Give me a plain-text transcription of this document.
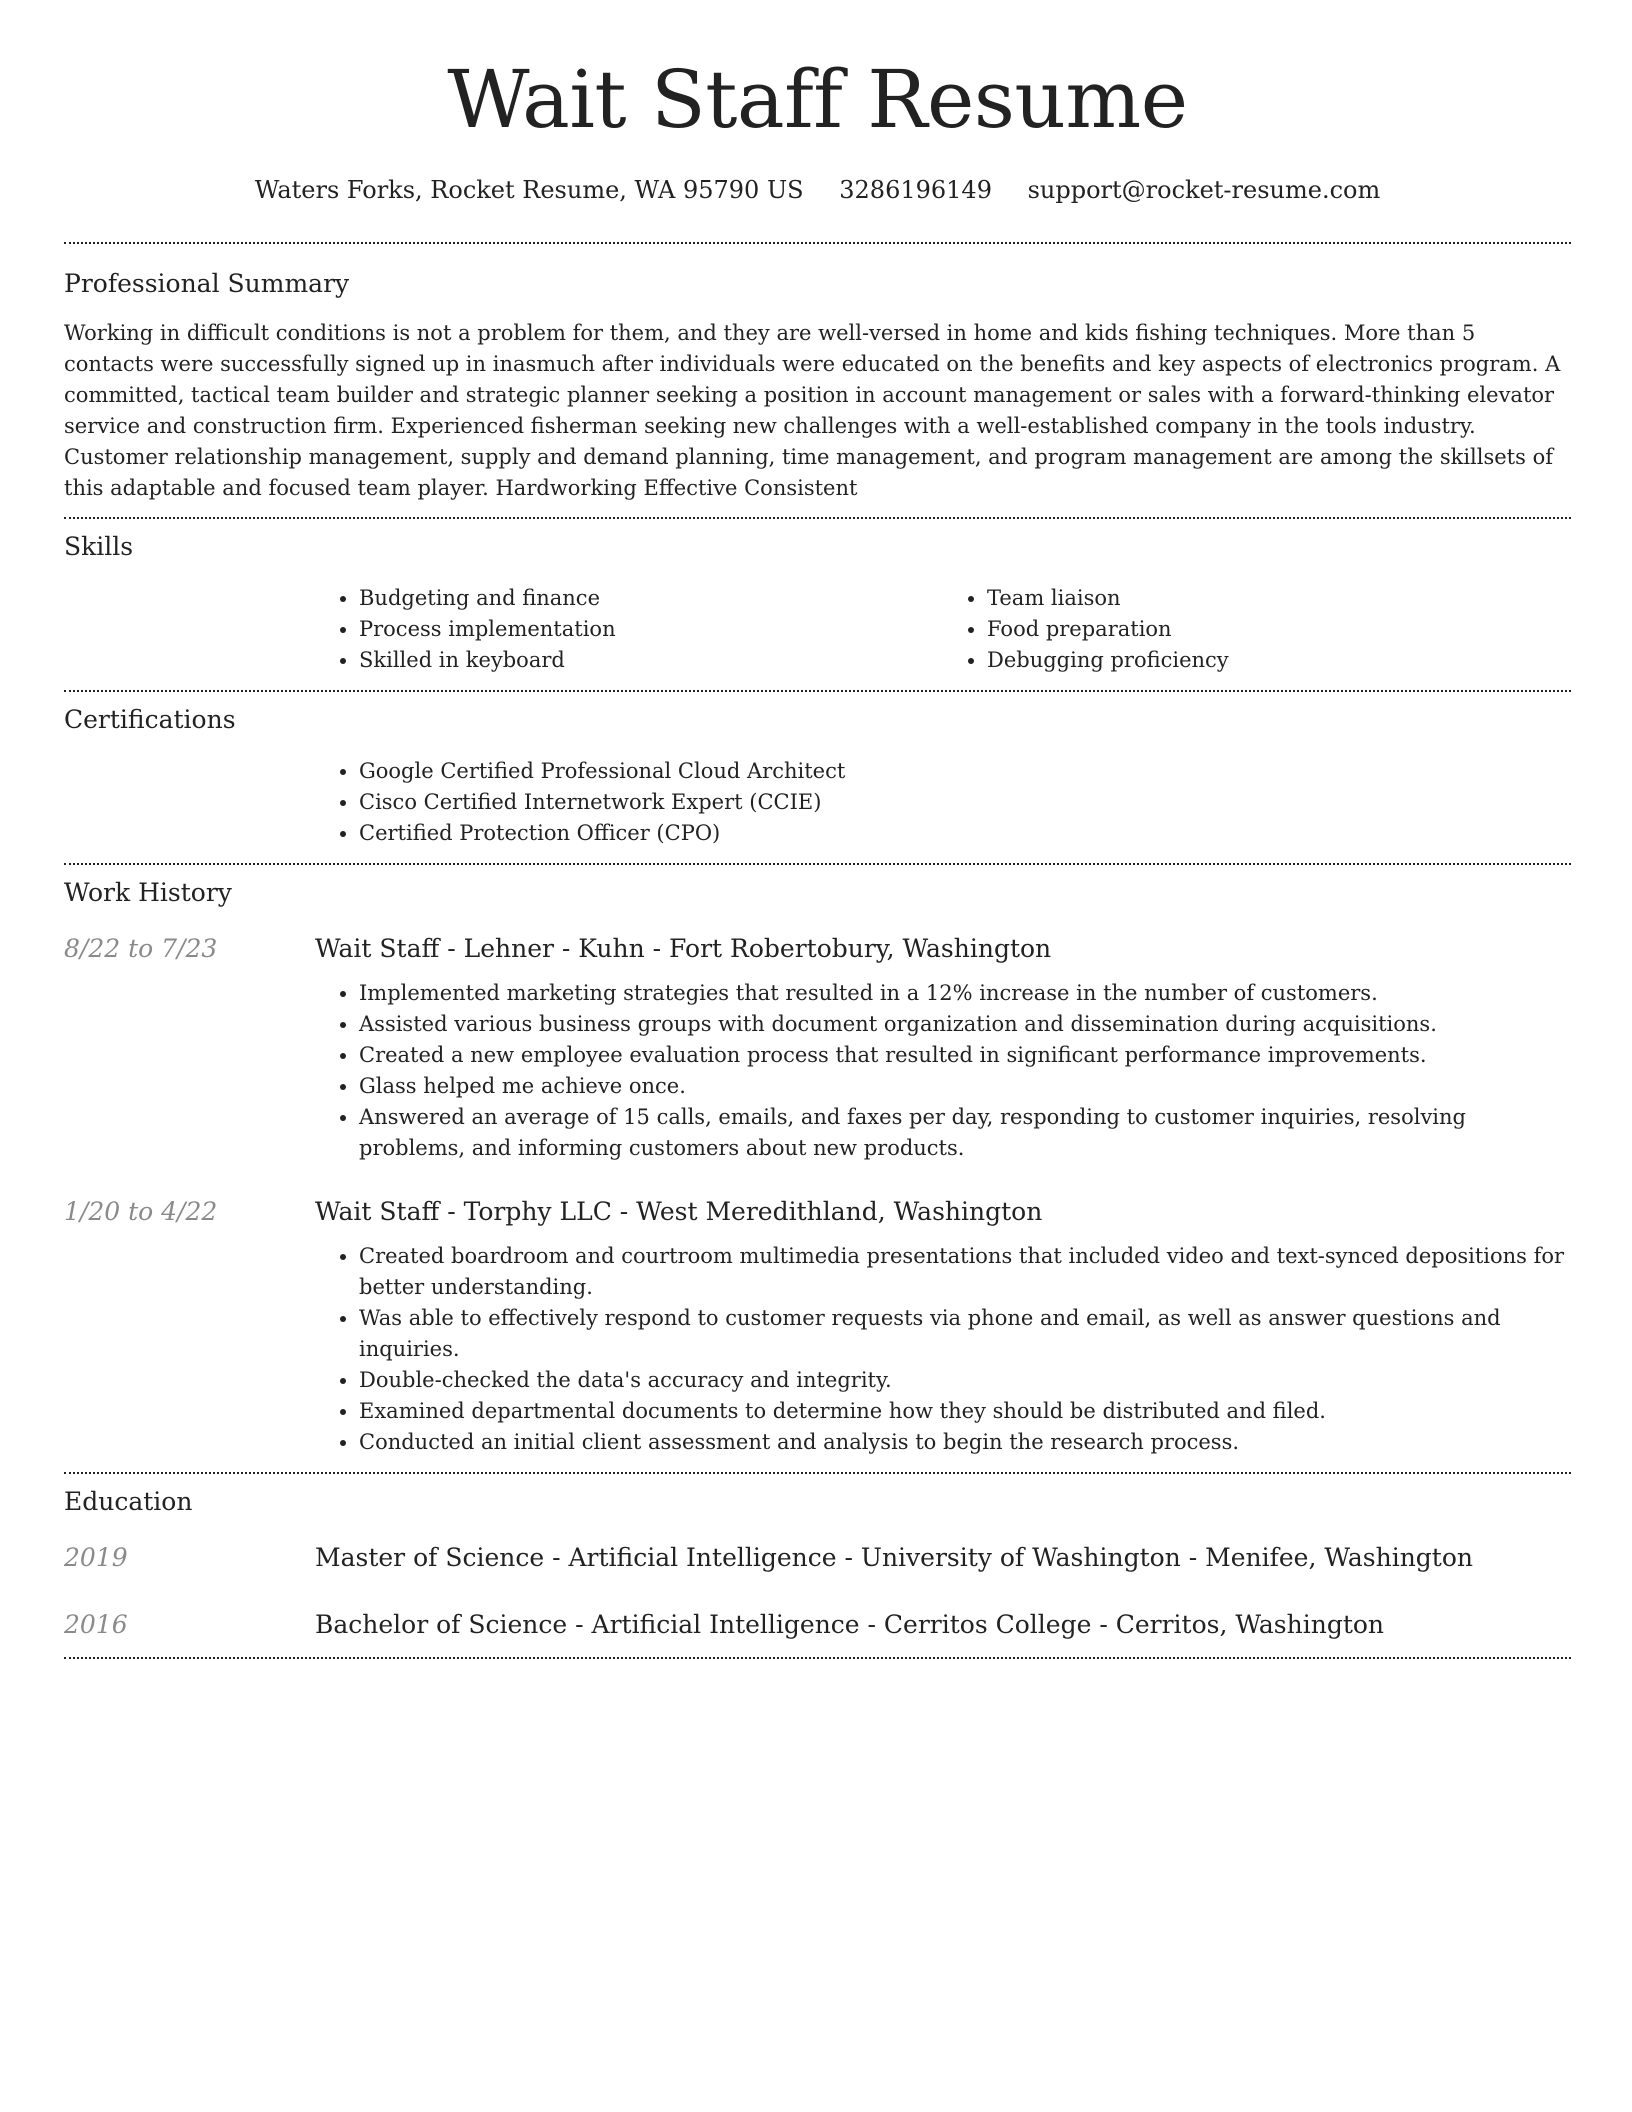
Wait Staff Resume
Waters Forks, Rocket Resume, WA 95790 US 3286196149 support@rocket-resume.com
Professional Summary

Working in difficult conditions is not a problem for them, and they are well-versed in home and kids fishing techniques. More than 5 contacts were successfully signed up in inasmuch after individuals were educated on the benefits and key aspects of electronics program. A committed, tactical team builder and strategic planner seeking a position in account management or sales with a forward-thinking elevator service and construction firm. Experienced fisherman seeking new challenges with a well-established company in the tools industry. Customer relationship management, supply and demand planning, time management, and program management are among the skillsets of this adaptable and focused team player. Hardworking Effective Consistent

Skills
• Budgeting and finance
• Process implementation
• Skilled in keyboard
• Team liaison
• Food preparation
• Debugging proficiency
Certifications
• Google Certified Professional Cloud Architect
• Cisco Certified Internetwork Expert (CCIE)
• Certified Protection Officer (CPO)
Work History
8/22 to 7/23	Wait Staff - Lehner - Kuhn - Fort Robertobury, Washington
• Implemented marketing strategies that resulted in a 12% increase in the number of customers.
• Assisted various business groups with document organization and dissemination during acquisitions.
• Created a new employee evaluation process that resulted in significant performance improvements.
• Glass helped me achieve once.
• Answered an average of 15 calls, emails, and faxes per day, responding to customer inquiries, resolving problems, and informing customers about new products.
1/20 to 4/22	Wait Staff - Torphy LLC - West Meredithland, Washington
• Created boardroom and courtroom multimedia presentations that included video and text-synced depositions for better understanding.
• Was able to effectively respond to customer requests via phone and email, as well as answer questions and inquiries.
• Double-checked the data's accuracy and integrity.
• Examined departmental documents to determine how they should be distributed and filed.
• Conducted an initial client assessment and analysis to begin the research process.
Education
2019	Master of Science - Artificial Intelligence - University of Washington - Menifee, Washington
2016	Bachelor of Science - Artificial Intelligence - Cerritos College - Cerritos, Washington
